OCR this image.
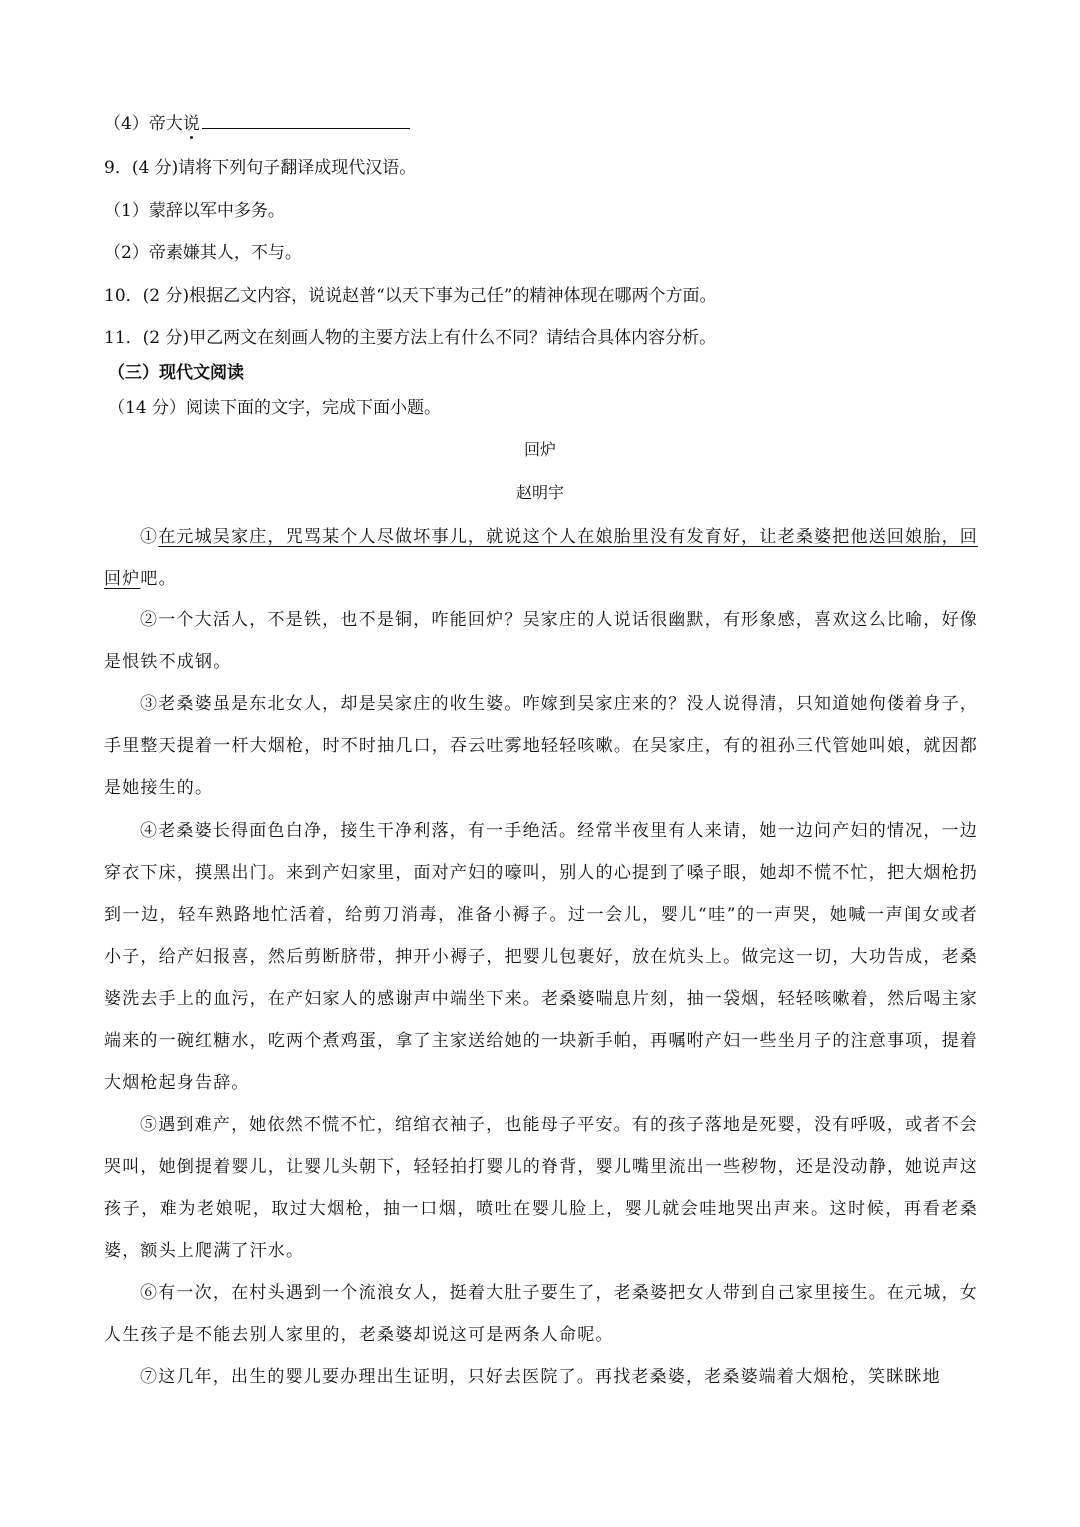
（4）帝大说
9．(4 分)请将下列句子翻译成现代汉语。
（1）蒙辞以军中多务。
（2）帝素嫌其人，不与。
10．(2 分)根据乙文内容，说说赵普“以天下事为己任”的精神体现在哪两个方面。
11．(2 分)甲乙两文在刻画人物的主要方法上有什么不同？请结合具体内容分析。
（三）现代文阅读
（14 分）阅读下面的文字，完成下面小题。
回炉
赵明宇
①在元城吴家庄，咒骂某个人尽做坏事儿，就说这个人在娘胎里没有发育好，让老桑婆把他送回娘胎，回回炉吧。
②一个大活人，不是铁，也不是铜，咋能回炉？吴家庄的人说话很幽默，有形象感，喜欢这么比喻，好像是恨铁不成钢。
③老桑婆虽是东北女人，却是吴家庄的收生婆。咋嫁到吴家庄来的？没人说得清，只知道她佝偻着身子，手里整天提着一杆大烟枪，时不时抽几口，吞云吐雾地轻轻咳嗽。在吴家庄，有的祖孙三代管她叫娘，就因都是她接生的。
④老桑婆长得面色白净，接生干净利落，有一手绝活。经常半夜里有人来请，她一边问产妇的情况，一边穿衣下床，摸黑出门。来到产妇家里，面对产妇的嚎叫，别人的心提到了嗓子眼，她却不慌不忙，把大烟枪扔到一边，轻车熟路地忙活着，给剪刀消毒，准备小褥子。过一会儿，婴儿“哇”的一声哭，她喊一声闺女或者小子，给产妇报喜，然后剪断脐带，抻开小褥子，把婴儿包裹好，放在炕头上。做完这一切，大功告成，老桑婆洗去手上的血污，在产妇家人的感谢声中端坐下来。老桑婆喘息片刻，抽一袋烟，轻轻咳嗽着，然后喝主家端来的一碗红糖水，吃两个煮鸡蛋，拿了主家送给她的一块新手帕，再嘱咐产妇一些坐月子的注意事项，提着大烟枪起身告辞。
⑤遇到难产，她依然不慌不忙，绾绾衣袖子，也能母子平安。有的孩子落地是死婴，没有呼吸，或者不会哭叫，她倒提着婴儿，让婴儿头朝下，轻轻拍打婴儿的脊背，婴儿嘴里流出一些秽物，还是没动静，她说声这孩子，难为老娘呢，取过大烟枪，抽一口烟，喷吐在婴儿脸上，婴儿就会哇地哭出声来。这时候，再看老桑婆，额头上爬满了汗水。
⑥有一次，在村头遇到一个流浪女人，挺着大肚子要生了，老桑婆把女人带到自己家里接生。在元城，女人生孩子是不能去别人家里的，老桑婆却说这可是两条人命呢。
⑦这几年，出生的婴儿要办理出生证明，只好去医院了。再找老桑婆，老桑婆端着大烟枪，笑眯眯地
